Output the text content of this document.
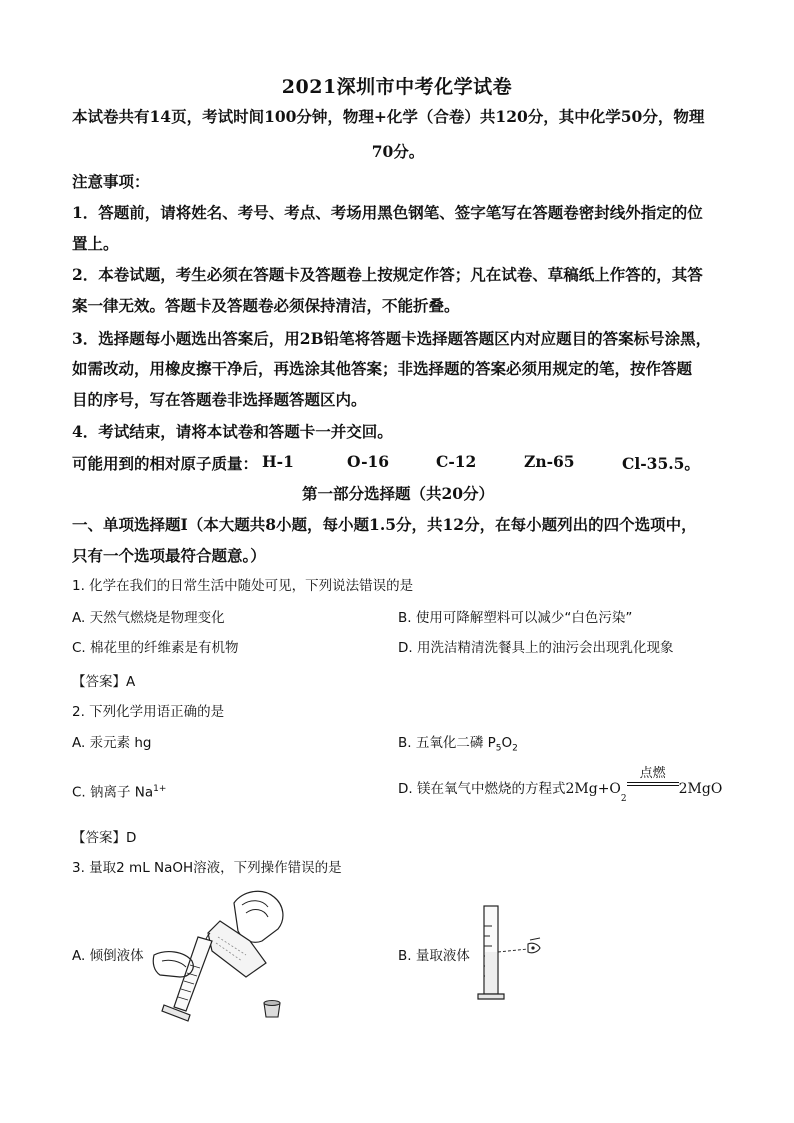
2021深圳市中考化学试卷
本试卷共有14页，考试时间100分钟，物理+化学（合卷）共120分，其中化学50分，物理
70分。
注意事项：
1．答题前，请将姓名、考号、考点、考场用黑色钢笔、签字笔写在答题卷密封线外指定的位
置上。
2．本卷试题，考生必须在答题卡及答题卷上按规定作答；凡在试卷、草稿纸上作答的，其答
案一律无效。答题卡及答题卷必须保持清洁，不能折叠。
3．选择题每小题选出答案后，用2B铅笔将答题卡选择题答题区内对应题目的答案标号涂黑，
如需改动，用橡皮擦干净后，再选涂其他答案；非选择题的答案必须用规定的笔，按作答题
目的序号，写在答题卷非选择题答题区内。
4．考试结束，请将本试卷和答题卡一并交回。
可能用到的相对原子质量： H-1	O-16	C-12	Zn-65	Cl-35.5。
第一部分选择题（共20分）
一、单项选择题Ⅰ（本大题共8小题，每小题1.5分，共12分，在每小题列出的四个选项中，
只有一个选项最符合题意。）
1. 化学在我们的日常生活中随处可见，下列说法错误的是
A. 天然气燃烧是物理变化	B. 使用可降解塑料可以减少“白色污染”
C. 棉花里的纤维素是有机物	D. 用洗洁精清洗餐具上的油污会出现乳化现象
【答案】A
2. 下列化学用语正确的是
A. 汞元素 hg	B. 五氧化二磷 $P_5O_2$
C. 钠离子 $Na^{1+}$	D. 镁在氧气中燃烧的方程式$2Mg+O_2$
点燃
2MgO
【答案】D
3. 量取2 mL NaOH溶液，下列操作错误的是
A. 倾倒液体	B. 量取液体
